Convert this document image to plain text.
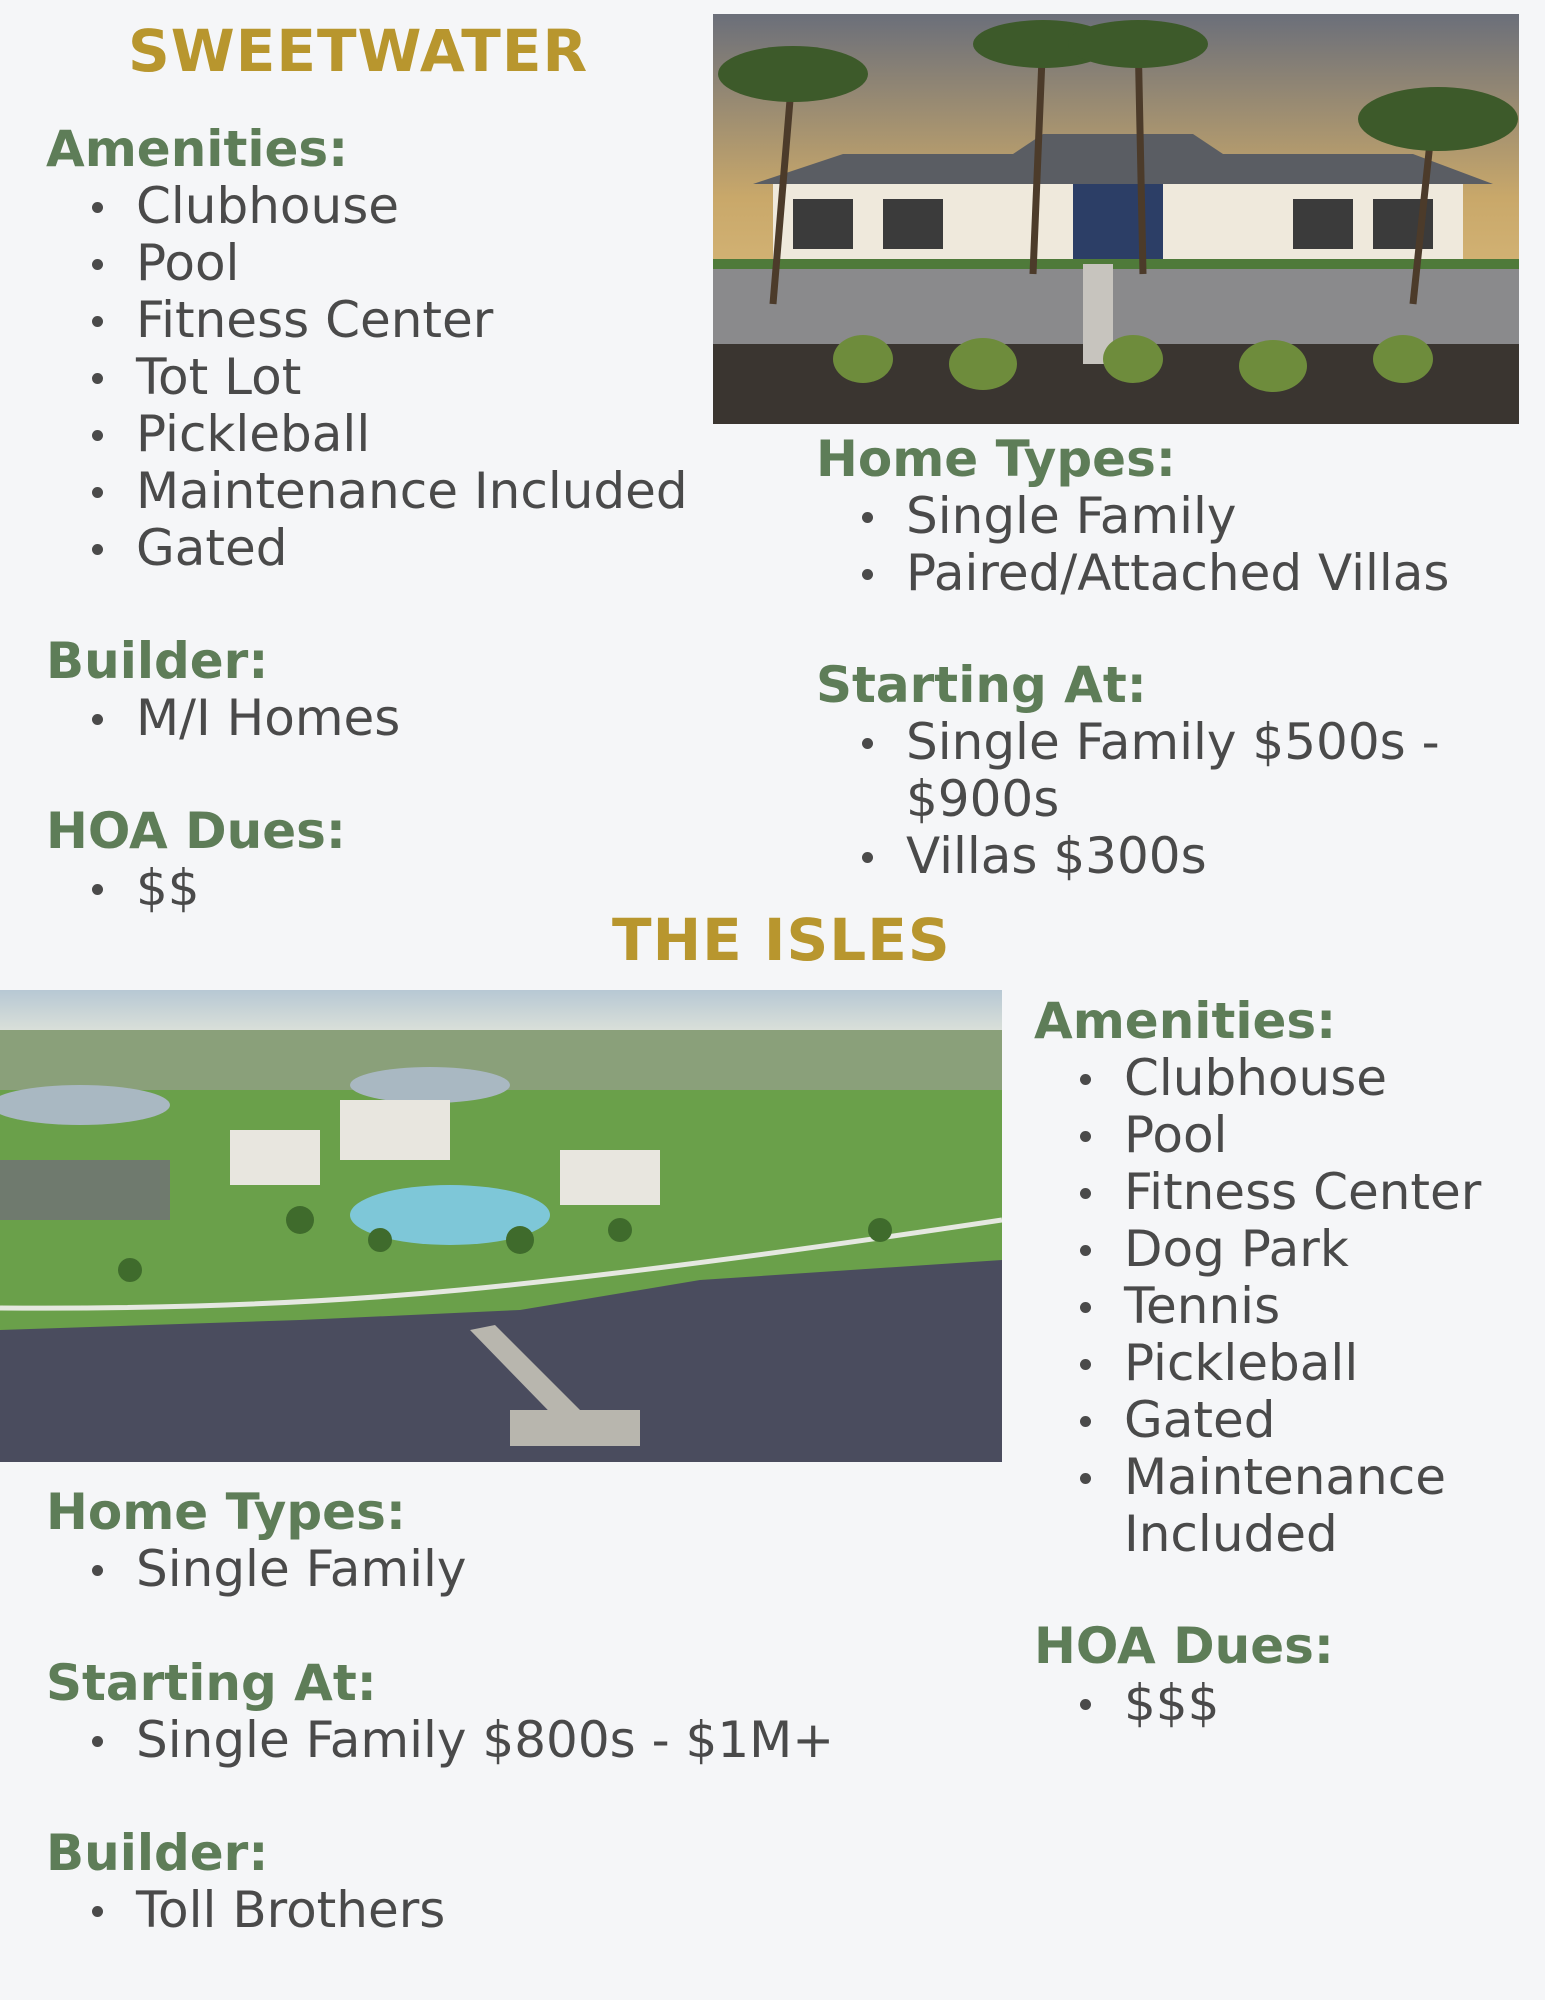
SWEETWATER
Amenities:
Clubhouse
Pool
Fitness Center
Tot Lot
Pickleball
Maintenance Included
Gated
Builder:
M/I Homes
HOA Dues:
$$
Home Types:
Single Family
Paired/Attached Villas
Starting At:
Single Family $500s - $900s
Villas $300s
THE ISLES
Amenities:
Clubhouse
Pool
Fitness Center
Dog Park
Tennis
Pickleball
Gated
Maintenance Included
HOA Dues:
$$$
Home Types:
Single Family
Starting At:
Single Family $800s - $1M+
Builder:
Toll Brothers
